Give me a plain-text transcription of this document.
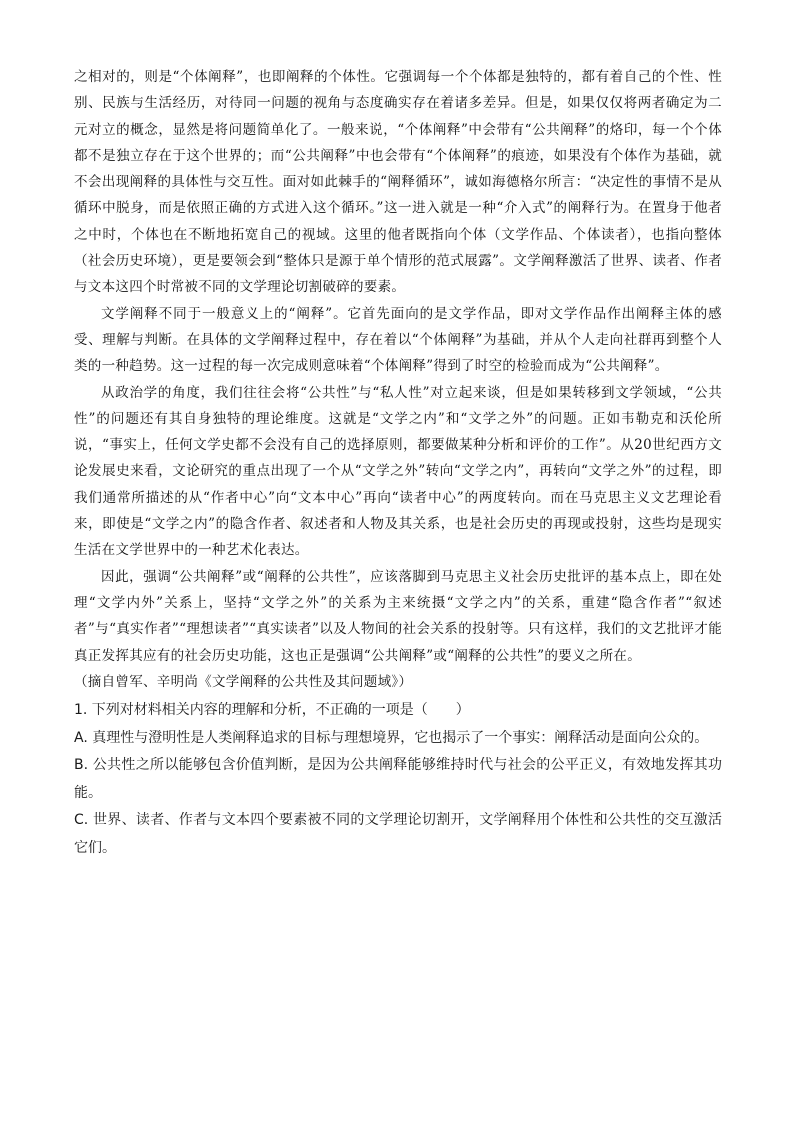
之相对的，则是“个体阐释”，也即阐释的个体性。它强调每一个个体都是独特的，都有着自己的个性、性别、民族与生活经历，对待同一问题的视角与态度确实存在着诸多差异。但是，如果仅仅将两者确定为二元对立的概念，显然是将问题简单化了。一般来说，“个体阐释”中会带有“公共阐释”的烙印，每一个个体都不是独立存在于这个世界的；而“公共阐释”中也会带有“个体阐释”的痕迹，如果没有个体作为基础，就不会出现阐释的具体性与交互性。面对如此棘手的“阐释循环”，诚如海德格尔所言：“决定性的事情不是从循环中脱身，而是依照正确的方式进入这个循环。”这一进入就是一种“介入式”的阐释行为。在置身于他者之中时，个体也在不断地拓宽自己的视域。这里的他者既指向个体（文学作品、个体读者），也指向整体（社会历史环境），更是要领会到“整体只是源于单个情形的范式展露”。文学阐释激活了世界、读者、作者与文本这四个时常被不同的文学理论切割破碎的要素。

文学阐释不同于一般意义上的“阐释”。它首先面向的是文学作品，即对文学作品作出阐释主体的感受、理解与判断。在具体的文学阐释过程中，存在着以“个体阐释”为基础，并从个人走向社群再到整个人类的一种趋势。这一过程的每一次完成则意味着“个体阐释”得到了时空的检验而成为“公共阐释”。

从政治学的角度，我们往往会将“公共性”与“私人性”对立起来谈，但是如果转移到文学领域，“公共性”的问题还有其自身独特的理论维度。这就是“文学之内”和“文学之外”的问题。正如韦勒克和沃伦所说，“事实上，任何文学史都不会没有自己的选择原则，都要做某种分析和评价的工作”。从20世纪西方文论发展史来看，文论研究的重点出现了一个从“文学之外”转向“文学之内”，再转向“文学之外”的过程，即我们通常所描述的从“作者中心”向“文本中心”再向“读者中心”的两度转向。而在马克思主义文艺理论看来，即使是“文学之内”的隐含作者、叙述者和人物及其关系，也是社会历史的再现或投射，这些均是现实生活在文学世界中的一种艺术化表达。

因此，强调“公共阐释”或“阐释的公共性”，应该落脚到马克思主义社会历史批评的基本点上，即在处理“文学内外”关系上，坚持“文学之外”的关系为主来统摄“文学之内”的关系，重建“隐含作者”“叙述者”与“真实作者”“理想读者”“真实读者”以及人物间的社会关系的投射等。只有这样，我们的文艺批评才能真正发挥其应有的社会历史功能，这也正是强调“公共阐释”或“阐释的公共性”的要义之所在。

（摘自曾军、辛明尚《文学阐释的公共性及其问题域》）

1. 下列对材料相关内容的理解和分析，不正确的一项是（　　）
A. 真理性与澄明性是人类阐释追求的目标与理想境界，它也揭示了一个事实：阐释活动是面向公众的。
B. 公共性之所以能够包含价值判断，是因为公共阐释能够维持时代与社会的公平正义，有效地发挥其功能。
C. 世界、读者、作者与文本四个要素被不同的文学理论切割开，文学阐释用个体性和公共性的交互激活它们。
